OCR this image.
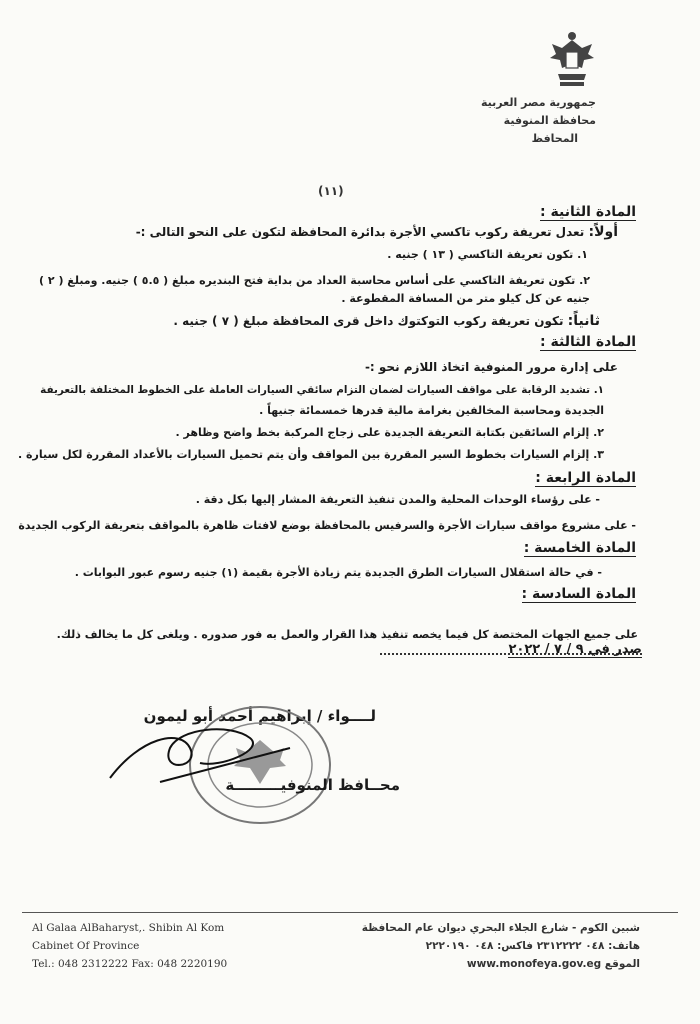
جمهورية مصر العربية
محافظة المنوفية
المحافظ
(١١)
المادة الثانية :
أولاً: تعدل تعريفة ركوب تاكسي الأجرة بدائرة المحافظة لتكون على النحو التالى :-
١. تكون تعريفة التاكسي ( ١٣ ) جنيه .
٢. تكون تعريفة التاكسي على أساس محاسبة العداد من بداية فتح البنديره مبلغ ( ٥.٥ ) جنيه. ومبلغ ( ٢ )
جنيه عن كل كيلو متر من المسافة المقطوعة .
ثانياً: تكون تعريفة ركوب التوكتوك داخل قرى المحافظة مبلغ ( ٧ ) جنيه .
المادة الثالثة :
على إدارة مرور المنوفية اتخاذ اللازم نحو :-
١. تشديد الرقابة على مواقف السيارات لضمان التزام سائقي السيارات العاملة على الخطوط المختلفة بالتعريفة
الجديدة ومحاسبة المخالفين بغرامة مالية قدرها خمسمائة جنيهاً .
٢. إلزام السائقين بكتابة التعريفة الجديدة على زجاج المركبة بخط واضح وظاهر .
٣. إلزام السيارات بخطوط السير المقررة بين المواقف وأن يتم تحميل السيارات بالأعداد المقررة لكل سيارة .
المادة الرابعة :
- على رؤساء الوحدات المحلية والمدن تنفيذ التعريفة المشار إليها بكل دقة .
- على مشروع مواقف سيارات الأجرة والسرفيس بالمحافظة بوضع لافتات ظاهرة بالمواقف بتعريفة الركوب الجديدة
المادة الخامسة :
- في حالة استقلال السيارات الطرق الجديدة يتم زيادة الأجرة بقيمة (١) جنيه رسوم عبور البوابات .
المادة السادسة :
على جميع الجهات المختصة كل فيما يخصه تنفيذ هذا القرار والعمل به فور صدوره . ويلغى كل ما يخالف ذلك.
صدر في ٩ / ٧ / ٢٠٢٢
لــــواء / إبراهيم أحمد أبو ليمون
محــافظ المنوفيـــــــــة
Al Galaa AlBaharyst,. Shibin Al Kom
Cabinet Of Province
Tel.: 048 2312222 Fax: 048 2220190
شبين الكوم - شارع الجلاء البحري ديوان عام المحافظة
هاتف: ٠٤٨ ٢٣١٢٢٢٢ فاكس: ٠٤٨ ٢٢٢٠١٩٠
الموقع www.monofeya.gov.eg
